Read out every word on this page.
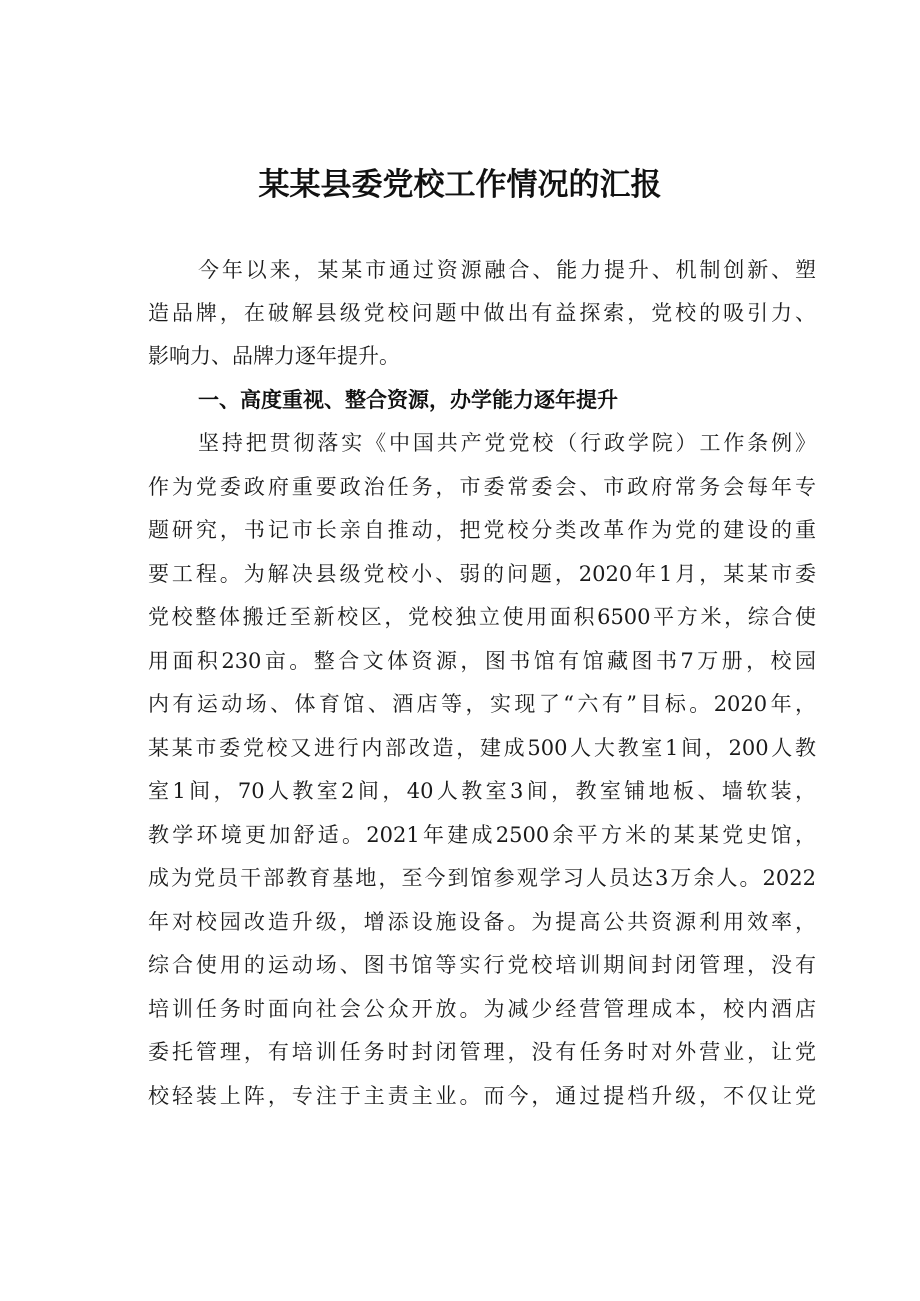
某某县委党校工作情况的汇报
今年以来，某某市通过资源融合、能力提升、机制创新、塑
造品牌，在破解县级党校问题中做出有益探索，党校的吸引力、
影响力、品牌力逐年提升。
一、高度重视、整合资源，办学能力逐年提升
坚持把贯彻落实《中国共产党党校（行政学院）工作条例》
作为党委政府重要政治任务，市委常委会、市政府常务会每年专
题研究，书记市长亲自推动，把党校分类改革作为党的建设的重
要工程。为解决县级党校小、弱的问题，2020年1月，某某市委
党校整体搬迁至新校区，党校独立使用面积6500平方米，综合使
用面积230亩。整合文体资源，图书馆有馆藏图书7万册，校园
内有运动场、体育馆、酒店等，实现了“六有”目标。2020年，
某某市委党校又进行内部改造，建成500人大教室1间，200人教
室1间，70人教室2间，40人教室3间，教室铺地板、墙软装，
教学环境更加舒适。2021年建成2500余平方米的某某党史馆，
成为党员干部教育基地，至今到馆参观学习人员达3万余人。2022
年对校园改造升级，增添设施设备。为提高公共资源利用效率，
综合使用的运动场、图书馆等实行党校培训期间封闭管理，没有
培训任务时面向社会公众开放。为减少经营管理成本，校内酒店
委托管理，有培训任务时封闭管理，没有任务时对外营业，让党
校轻装上阵，专注于主责主业。而今，通过提档升级，不仅让党
